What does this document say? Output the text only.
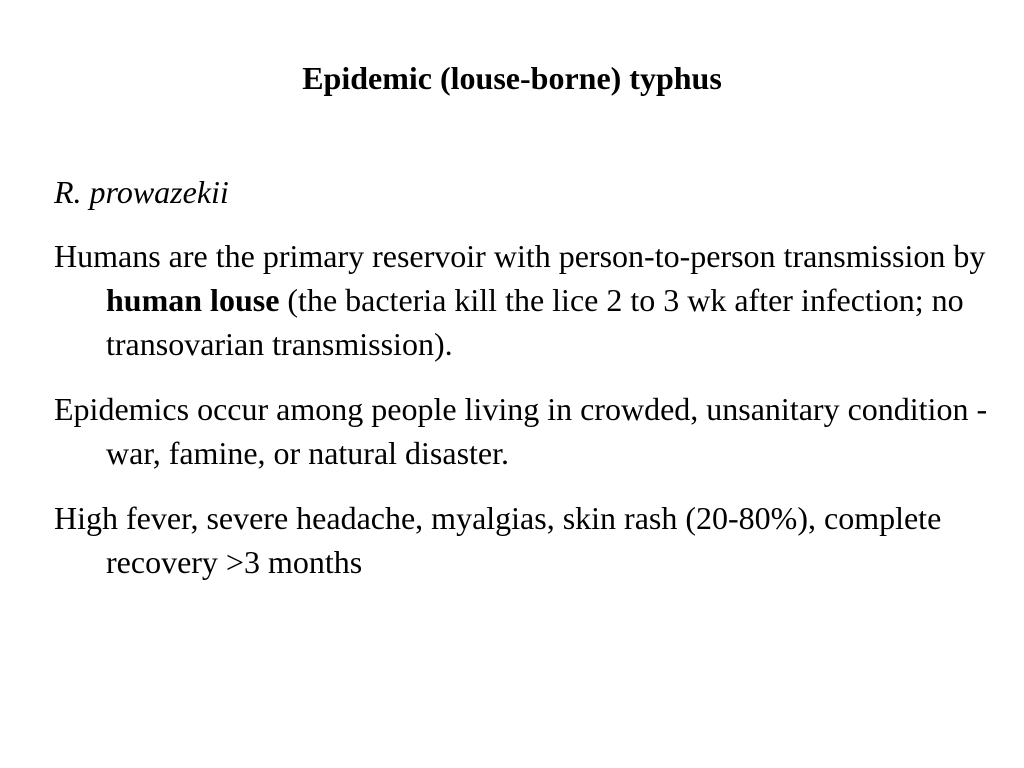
Epidemic (louse-borne) typhus

R. prowazekii

Humans are the primary reservoir with person-to-person transmission by human louse (the bacteria kill the lice 2 to 3 wk after infection; no transovarian transmission).

Epidemics occur among people living in crowded, unsanitary condition - war, famine, or natural disaster.

High fever, severe headache, myalgias, skin rash (20-80%), complete recovery >3 months
